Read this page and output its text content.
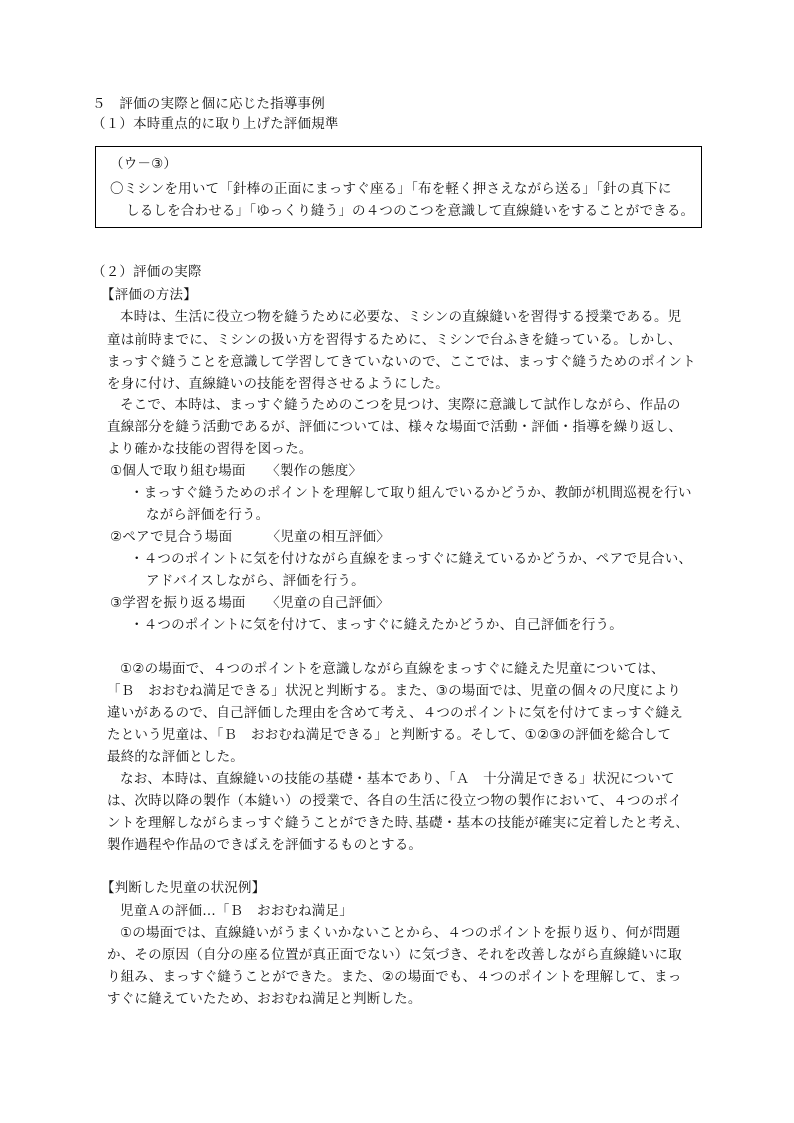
５　評価の実際と個に応じた指導事例
（１）本時重点的に取り上げた評価規準
（ウ－③）
〇ミシンを用いて「針棒の正面にまっすぐ座る」「布を軽く押さえながら送る」「針の真下に
しるしを合わせる」「ゆっくり縫う」の４つのこつを意識して直線縫いをすることができる。
（２）評価の実際
【評価の方法】
本時は、生活に役立つ物を縫うために必要な、ミシンの直線縫いを習得する授業である。児
童は前時までに、ミシンの扱い方を習得するために、ミシンで台ふきを縫っている。しかし、
まっすぐ縫うことを意識して学習してきていないので、ここでは、まっすぐ縫うためのポイント
を身に付け、直線縫いの技能を習得させるようにした。
そこで、本時は、まっすぐ縫うためのこつを見つけ、実際に意識して試作しながら、作品の
直線部分を縫う活動であるが、評価については、様々な場面で活動・評価・指導を繰り返し、
より確かな技能の習得を図った。
①個人で取り組む場面　　〈製作の態度〉
・まっすぐ縫うためのポイントを理解して取り組んでいるかどうか、教師が机間巡視を行い
ながら評価を行う。
②ペアで見合う場面　　　〈児童の相互評価〉
・４つのポイントに気を付けながら直線をまっすぐに縫えているかどうか、ペアで見合い、
アドバイスしながら、評価を行う。
③学習を振り返る場面　　〈児童の自己評価〉
・４つのポイントに気を付けて、まっすぐに縫えたかどうか、自己評価を行う。
①②の場面で、４つのポイントを意識しながら直線をまっすぐに縫えた児童については、
「Ｂ　おおむね満足できる」状況と判断する。また、③の場面では、児童の個々の尺度により
違いがあるので、自己評価した理由を含めて考え、４つのポイントに気を付けてまっすぐ縫え
たという児童は、「Ｂ　おおむね満足できる」と判断する。そして、①②③の評価を総合して
最終的な評価とした。
なお、本時は、直線縫いの技能の基礎・基本であり、「Ａ　十分満足できる」状況について
は、次時以降の製作（本縫い）の授業で、各自の生活に役立つ物の製作において、４つのポイ
ントを理解しながらまっすぐ縫うことができた時､基礎・基本の技能が確実に定着したと考え､
製作過程や作品のできばえを評価するものとする。
【判断した児童の状況例】
児童Ａの評価…「Ｂ　おおむね満足」
①の場面では、直線縫いがうまくいかないことから、４つのポイントを振り返り、何が問題
か、その原因（自分の座る位置が真正面でない）に気づき、それを改善しながら直線縫いに取
り組み、まっすぐ縫うことができた。また、②の場面でも、４つのポイントを理解して、まっ
すぐに縫えていたため、おおむね満足と判断した。
